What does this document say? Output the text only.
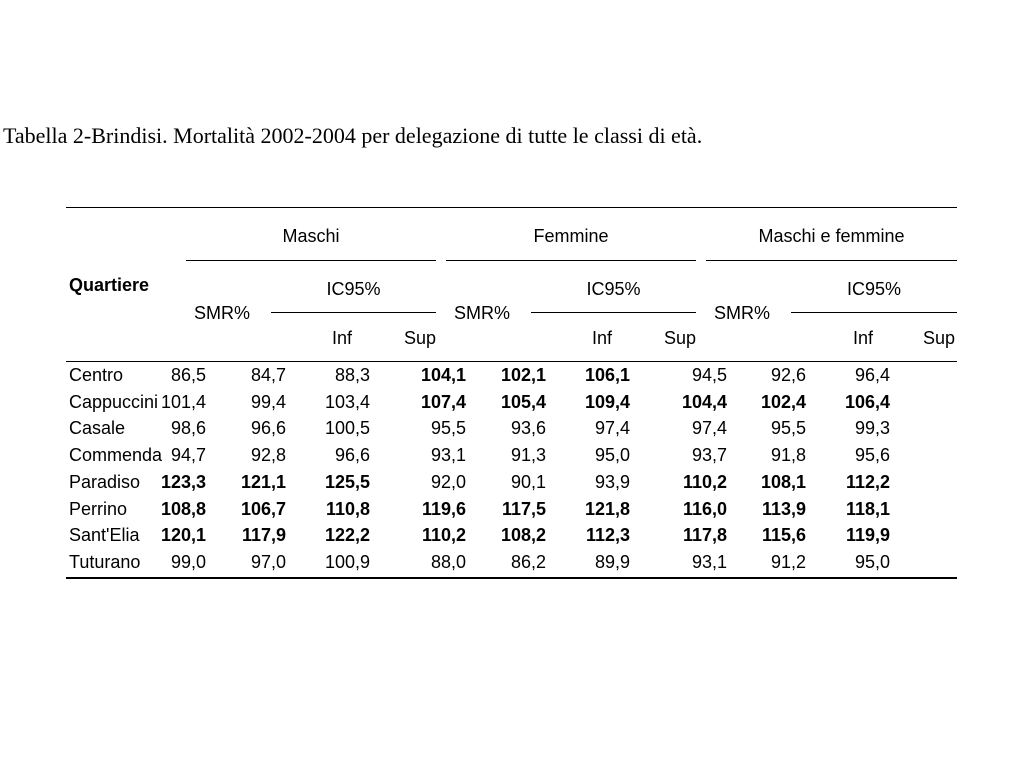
Tabella 2-Brindisi. Mortalità 2002-2004 per delegazione di tutte le classi di età.
Quartiere
Maschi	Femmine	Maschi e femmine
SMR%	SMR%	SMR%
IC95%	IC95%	IC95%
Inf	Sup	Inf	Sup	Inf	Sup
Centro	86,5	84,7	88,3	104,1	102,1	106,1	94,5	92,6	96,4
Cappuccini 101,4	99,4	103,4	107,4	105,4	109,4	104,4	102,4	106,4
Casale	98,6	96,6	100,5	95,5	93,6	97,4	97,4	95,5	99,3
Commenda 94,7	92,8	96,6	93,1	91,3	95,0	93,7	91,8	95,6
Paradiso	123,3	121,1	125,5	92,0	90,1	93,9	110,2	108,1	112,2
Perrino	108,8	106,7	110,8	119,6	117,5	121,8	116,0	113,9	118,1
Sant'Elia	120,1	117,9	122,2	110,2	108,2	112,3	117,8	115,6	119,9
Tuturano	99,0	97,0	100,9	88,0	86,2	89,9	93,1	91,2	95,0
